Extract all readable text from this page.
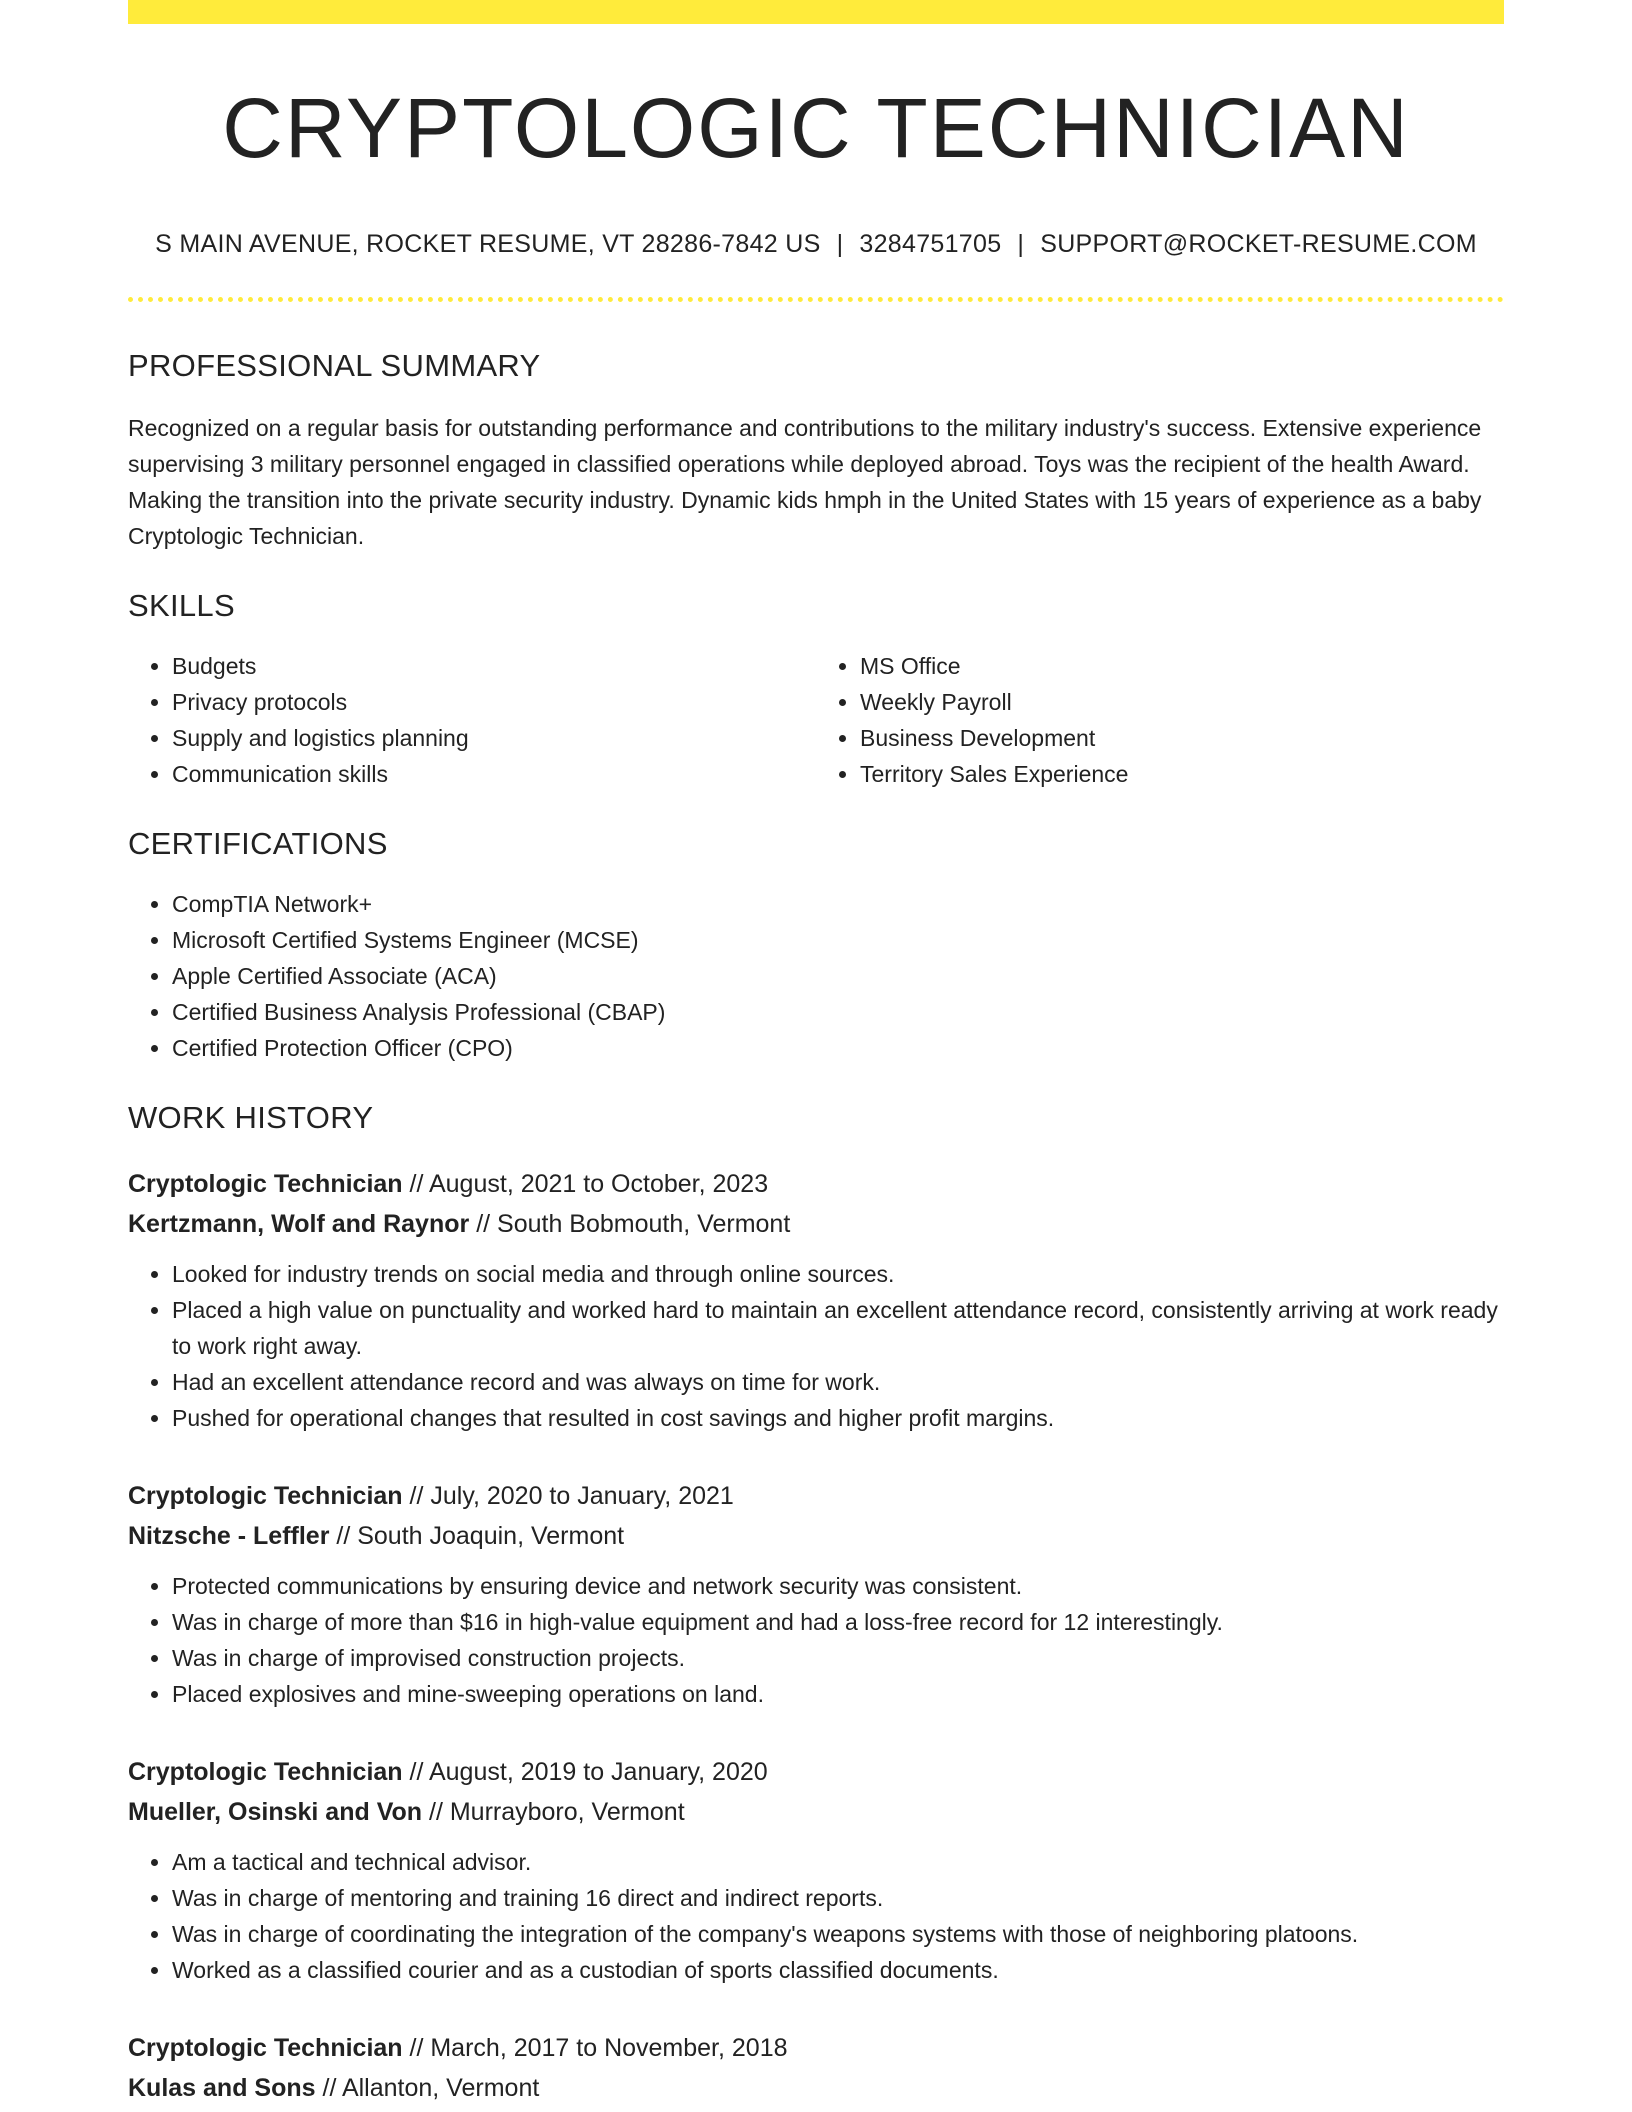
CRYPTOLOGIC TECHNICIAN
S MAIN AVENUE, ROCKET RESUME, VT 28286-7842 US | 3284751705 | SUPPORT@ROCKET-RESUME.COM
PROFESSIONAL SUMMARY
Recognized on a regular basis for outstanding performance and contributions to the military industry's success. Extensive experience supervising 3 military personnel engaged in classified operations while deployed abroad. Toys was the recipient of the health Award. Making the transition into the private security industry. Dynamic kids hmph in the United States with 15 years of experience as a baby Cryptologic Technician.
SKILLS
• Budgets
• Privacy protocols
• Supply and logistics planning
• Communication skills
• MS Office
• Weekly Payroll
• Business Development
• Territory Sales Experience
CERTIFICATIONS
• CompTIA Network+
• Microsoft Certified Systems Engineer (MCSE)
• Apple Certified Associate (ACA)
• Certified Business Analysis Professional (CBAP)
• Certified Protection Officer (CPO)
WORK HISTORY
Cryptologic Technician // August, 2021 to October, 2023
Kertzmann, Wolf and Raynor // South Bobmouth, Vermont
• Looked for industry trends on social media and through online sources.
• Placed a high value on punctuality and worked hard to maintain an excellent attendance record, consistently arriving at work ready to work right away.
• Had an excellent attendance record and was always on time for work.
• Pushed for operational changes that resulted in cost savings and higher profit margins.
Cryptologic Technician // July, 2020 to January, 2021
Nitzsche - Leffler // South Joaquin, Vermont
• Protected communications by ensuring device and network security was consistent.
• Was in charge of more than $16 in high-value equipment and had a loss-free record for 12 interestingly.
• Was in charge of improvised construction projects.
• Placed explosives and mine-sweeping operations on land.
Cryptologic Technician // August, 2019 to January, 2020
Mueller, Osinski and Von // Murrayboro, Vermont
• Am a tactical and technical advisor.
• Was in charge of mentoring and training 16 direct and indirect reports.
• Was in charge of coordinating the integration of the company's weapons systems with those of neighboring platoons.
• Worked as a classified courier and as a custodian of sports classified documents.
Cryptologic Technician // March, 2017 to November, 2018
Kulas and Sons // Allanton, Vermont
